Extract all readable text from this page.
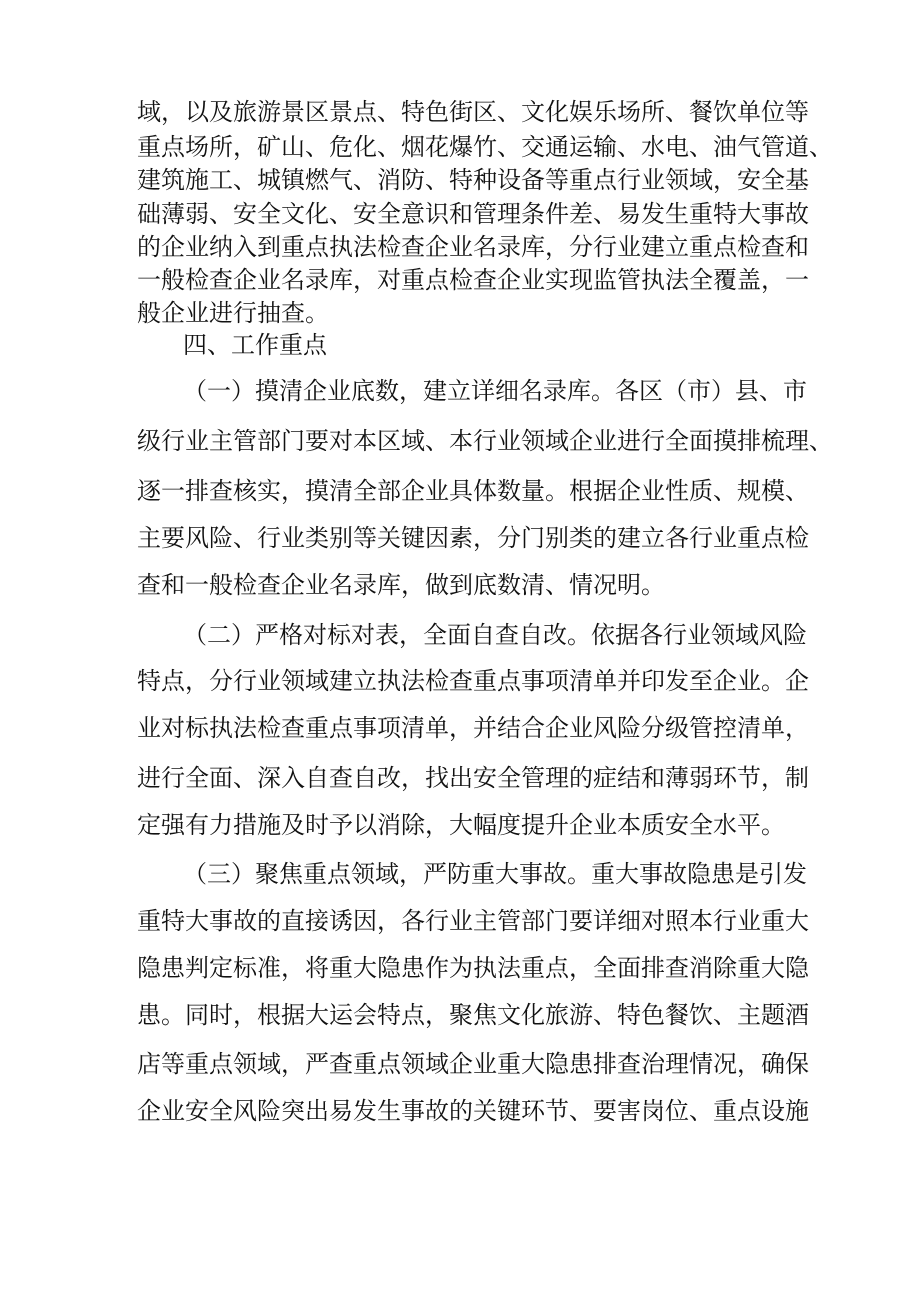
域 ， 以 及 旅 游 景 区 景 点 、 特 色 街 区 、 文 化 娱 乐 场 所 、 餐 饮 单 位 等
重 点 场 所 ， 矿 山 、 危 化 、 烟 花 爆 竹 、 交 通 运 输 、 水 电 、 油 气 管 道 、
建 筑 施 工 、 城 镇 燃 气 、 消 防 、 特 种 设 备 等 重 点 行 业 领 域 ， 安 全 基
础 薄 弱 、 安 全 文 化 、 安 全 意 识 和 管 理 条 件 差 、 易 发 生 重 特 大 事 故
的 企 业 纳 入 到 重 点 执 法 检 查 企 业 名 录 库 ， 分 行 业 建 立 重 点 检 查 和
一 般 检 查 企 业 名 录 库 ， 对 重 点 检 查 企 业 实 现 监 管 执 法 全 覆 盖 ， 一
般企业进行抽查。
四、工作重点
（ 一 ） 摸 清 企 业 底 数 ， 建 立 详 细 名 录 库 。 各 区 （ 市 ） 县 、 市
级 行 业 主 管 部 门 要 对 本 区 域 、 本 行 业 领 域 企 业 进 行 全 面 摸 排 梳 理 、
逐 一 排 查 核 实 ， 摸 清 全 部 企 业 具 体 数 量 。 根 据 企 业 性 质 、 规 模 、
主 要 风 险 、 行 业 类 别 等 关 键 因 素 ， 分 门 别 类 的 建 立 各 行 业 重 点 检
查和一般检查企业名录库，做到底数清、情况明。
（ 二 ） 严 格 对 标 对 表 ， 全 面 自 查 自 改 。 依 据 各 行 业 领 域 风 险
特 点 ， 分 行 业 领 域 建 立 执 法 检 查 重 点 事 项 清 单 并 印 发 至 企 业 。 企
业 对 标 执 法 检 查 重 点 事 项 清 单 ， 并 结 合 企 业 风 险 分 级 管 控 清 单 ，
进 行 全 面 、 深 入 自 查 自 改 ， 找 出 安 全 管 理 的 症 结 和 薄 弱 环 节 ， 制
定强有力措施及时予以消除，大幅度提升企业本质安全水平。
（ 三 ） 聚 焦 重 点 领 域 ， 严 防 重 大 事 故 。 重 大 事 故 隐 患 是 引 发
重 特 大 事 故 的 直 接 诱 因 ， 各 行 业 主 管 部 门 要 详 细 对 照 本 行 业 重 大
隐 患 判 定 标 准 ， 将 重 大 隐 患 作 为 执 法 重 点 ， 全 面 排 查 消 除 重 大 隐
患 。 同 时 ， 根 据 大 运 会 特 点 ， 聚 焦 文 化 旅 游 、 特 色 餐 饮 、 主 题 酒
店 等 重 点 领 域 ， 严 查 重 点 领 域 企 业 重 大 隐 患 排 查 治 理 情 况 ， 确 保
企 业 安 全 风 险 突 出 易 发 生 事 故 的 关 键 环 节 、 要 害 岗 位 、 重 点 设 施
